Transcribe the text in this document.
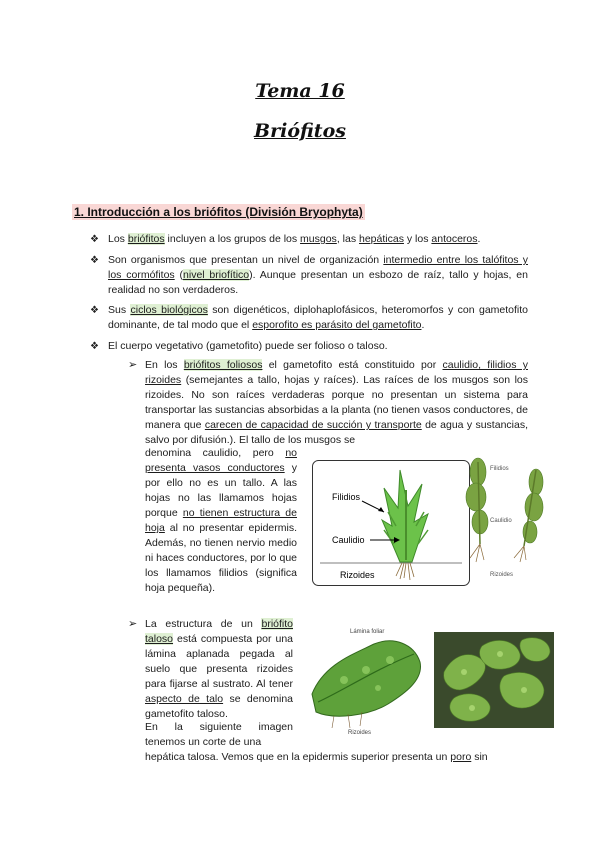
Tema 16
Briófitos
1. Introducción a los briófitos (División Bryophyta)
❖ Los briófitos incluyen a los grupos de los musgos, las hepáticas y los antoceros.
❖ Son organismos que presentan un nivel de organización intermedio entre los talófitos y los cormófitos (nivel briofítico). Aunque presentan un esbozo de raíz, tallo y hojas, en realidad no son verdaderos.
❖ Sus ciclos biológicos son digenéticos, diplohaplofásicos, heteromorfos y con gametofito dominante, de tal modo que el esporofito es parásito del gametofito.
❖ El cuerpo vegetativo (gametofito) puede ser folioso o taloso.
➢ En los briófitos foliosos el gametofito está constituido por caulidio, filidios y rizoides (semejantes a tallo, hojas y raíces). Las raíces de los musgos son los rizoides. No son raíces verdaderas porque no presentan un sistema para transportar las sustancias absorbidas a la planta (no tienen vasos conductores, de manera que carecen de capacidad de succión y transporte de agua y sustancias, salvo por difusión.). El tallo de los musgos se
denomina caulidio, pero no presenta vasos conductores y por ello no es un tallo. A las hojas no las llamamos hojas porque no tienen estructura de hoja al no presentar epidermis. Además, no tienen nervio medio ni haces conductores, por lo que los llamamos filidios (significa hoja pequeña).
Filidios
Caulidio
Rizoides
Filidios
Caulidio
Rizoides
➢ La estructura de un briófito taloso está compuesta por una lámina aplanada pegada al suelo que presenta rizoides para fijarse al sustrato. Al tener aspecto de talo se denomina gametofito taloso.
En la siguiente imagen tenemos un corte de una
hepática talosa. Vemos que en la epidermis superior presenta un poro sin
Lámina foliar
Rizoides
